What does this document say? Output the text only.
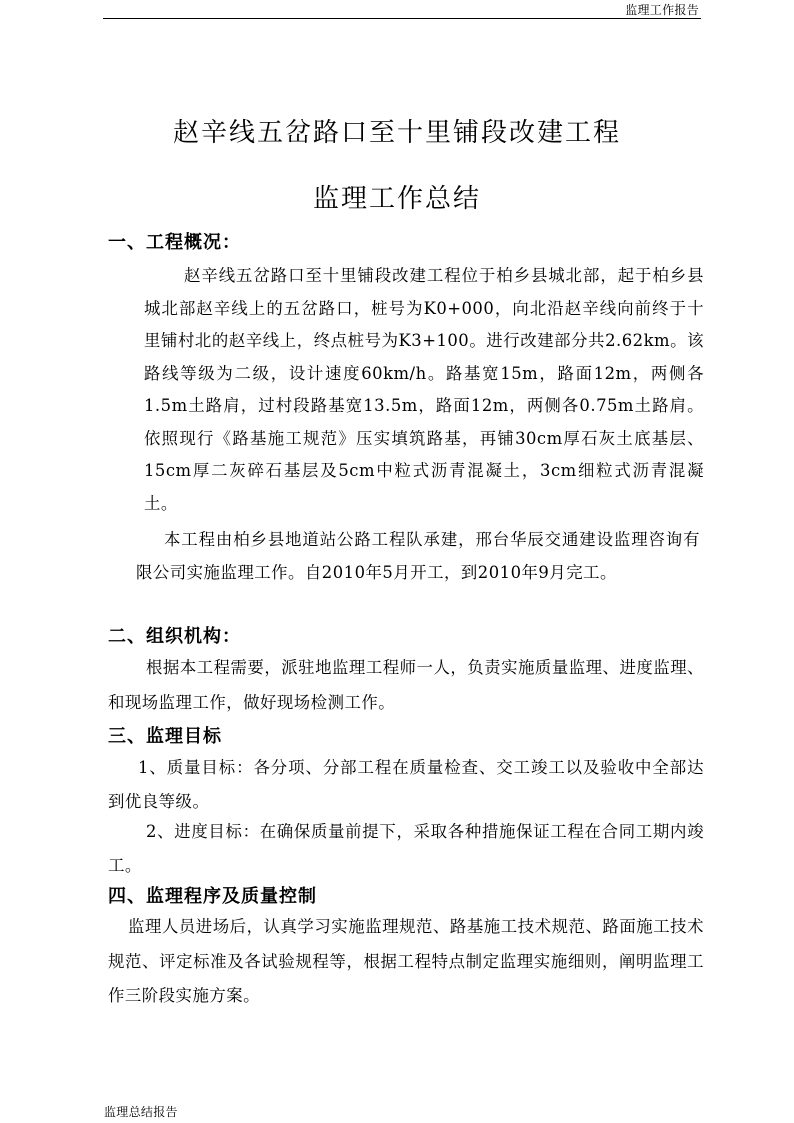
监理工作报告
赵辛线五岔路口至十里铺段改建工程
监理工作总结
一、工程概况：
赵辛线五岔路口至十里铺段改建工程位于柏乡县城北部，起于柏乡县城北部赵辛线上的五岔路口，桩号为K0+000，向北沿赵辛线向前终于十里铺村北的赵辛线上，终点桩号为K3+100。进行改建部分共2.62km。该路线等级为二级，设计速度60km/h。路基宽15m，路面12m，两侧各1.5m土路肩，过村段路基宽13.5m，路面12m，两侧各0.75m土路肩。依照现行《路基施工规范》压实填筑路基，再铺30cm厚石灰土底基层、15cm厚二灰碎石基层及5cm中粒式沥青混凝土，3cm细粒式沥青混凝土。
本工程由柏乡县地道站公路工程队承建，邢台华辰交通建设监理咨询有限公司实施监理工作。自2010年5月开工，到2010年9月完工。
二、组织机构：
根据本工程需要，派驻地监理工程师一人，负责实施质量监理、进度监理、和现场监理工作，做好现场检测工作。
三、监理目标
1、质量目标：各分项、分部工程在质量检查、交工竣工以及验收中全部达到优良等级。
2、进度目标：在确保质量前提下，采取各种措施保证工程在合同工期内竣工。
四、监理程序及质量控制
监理人员进场后，认真学习实施监理规范、路基施工技术规范、路面施工技术规范、评定标准及各试验规程等，根据工程特点制定监理实施细则，阐明监理工作三阶段实施方案。
监理总结报告
